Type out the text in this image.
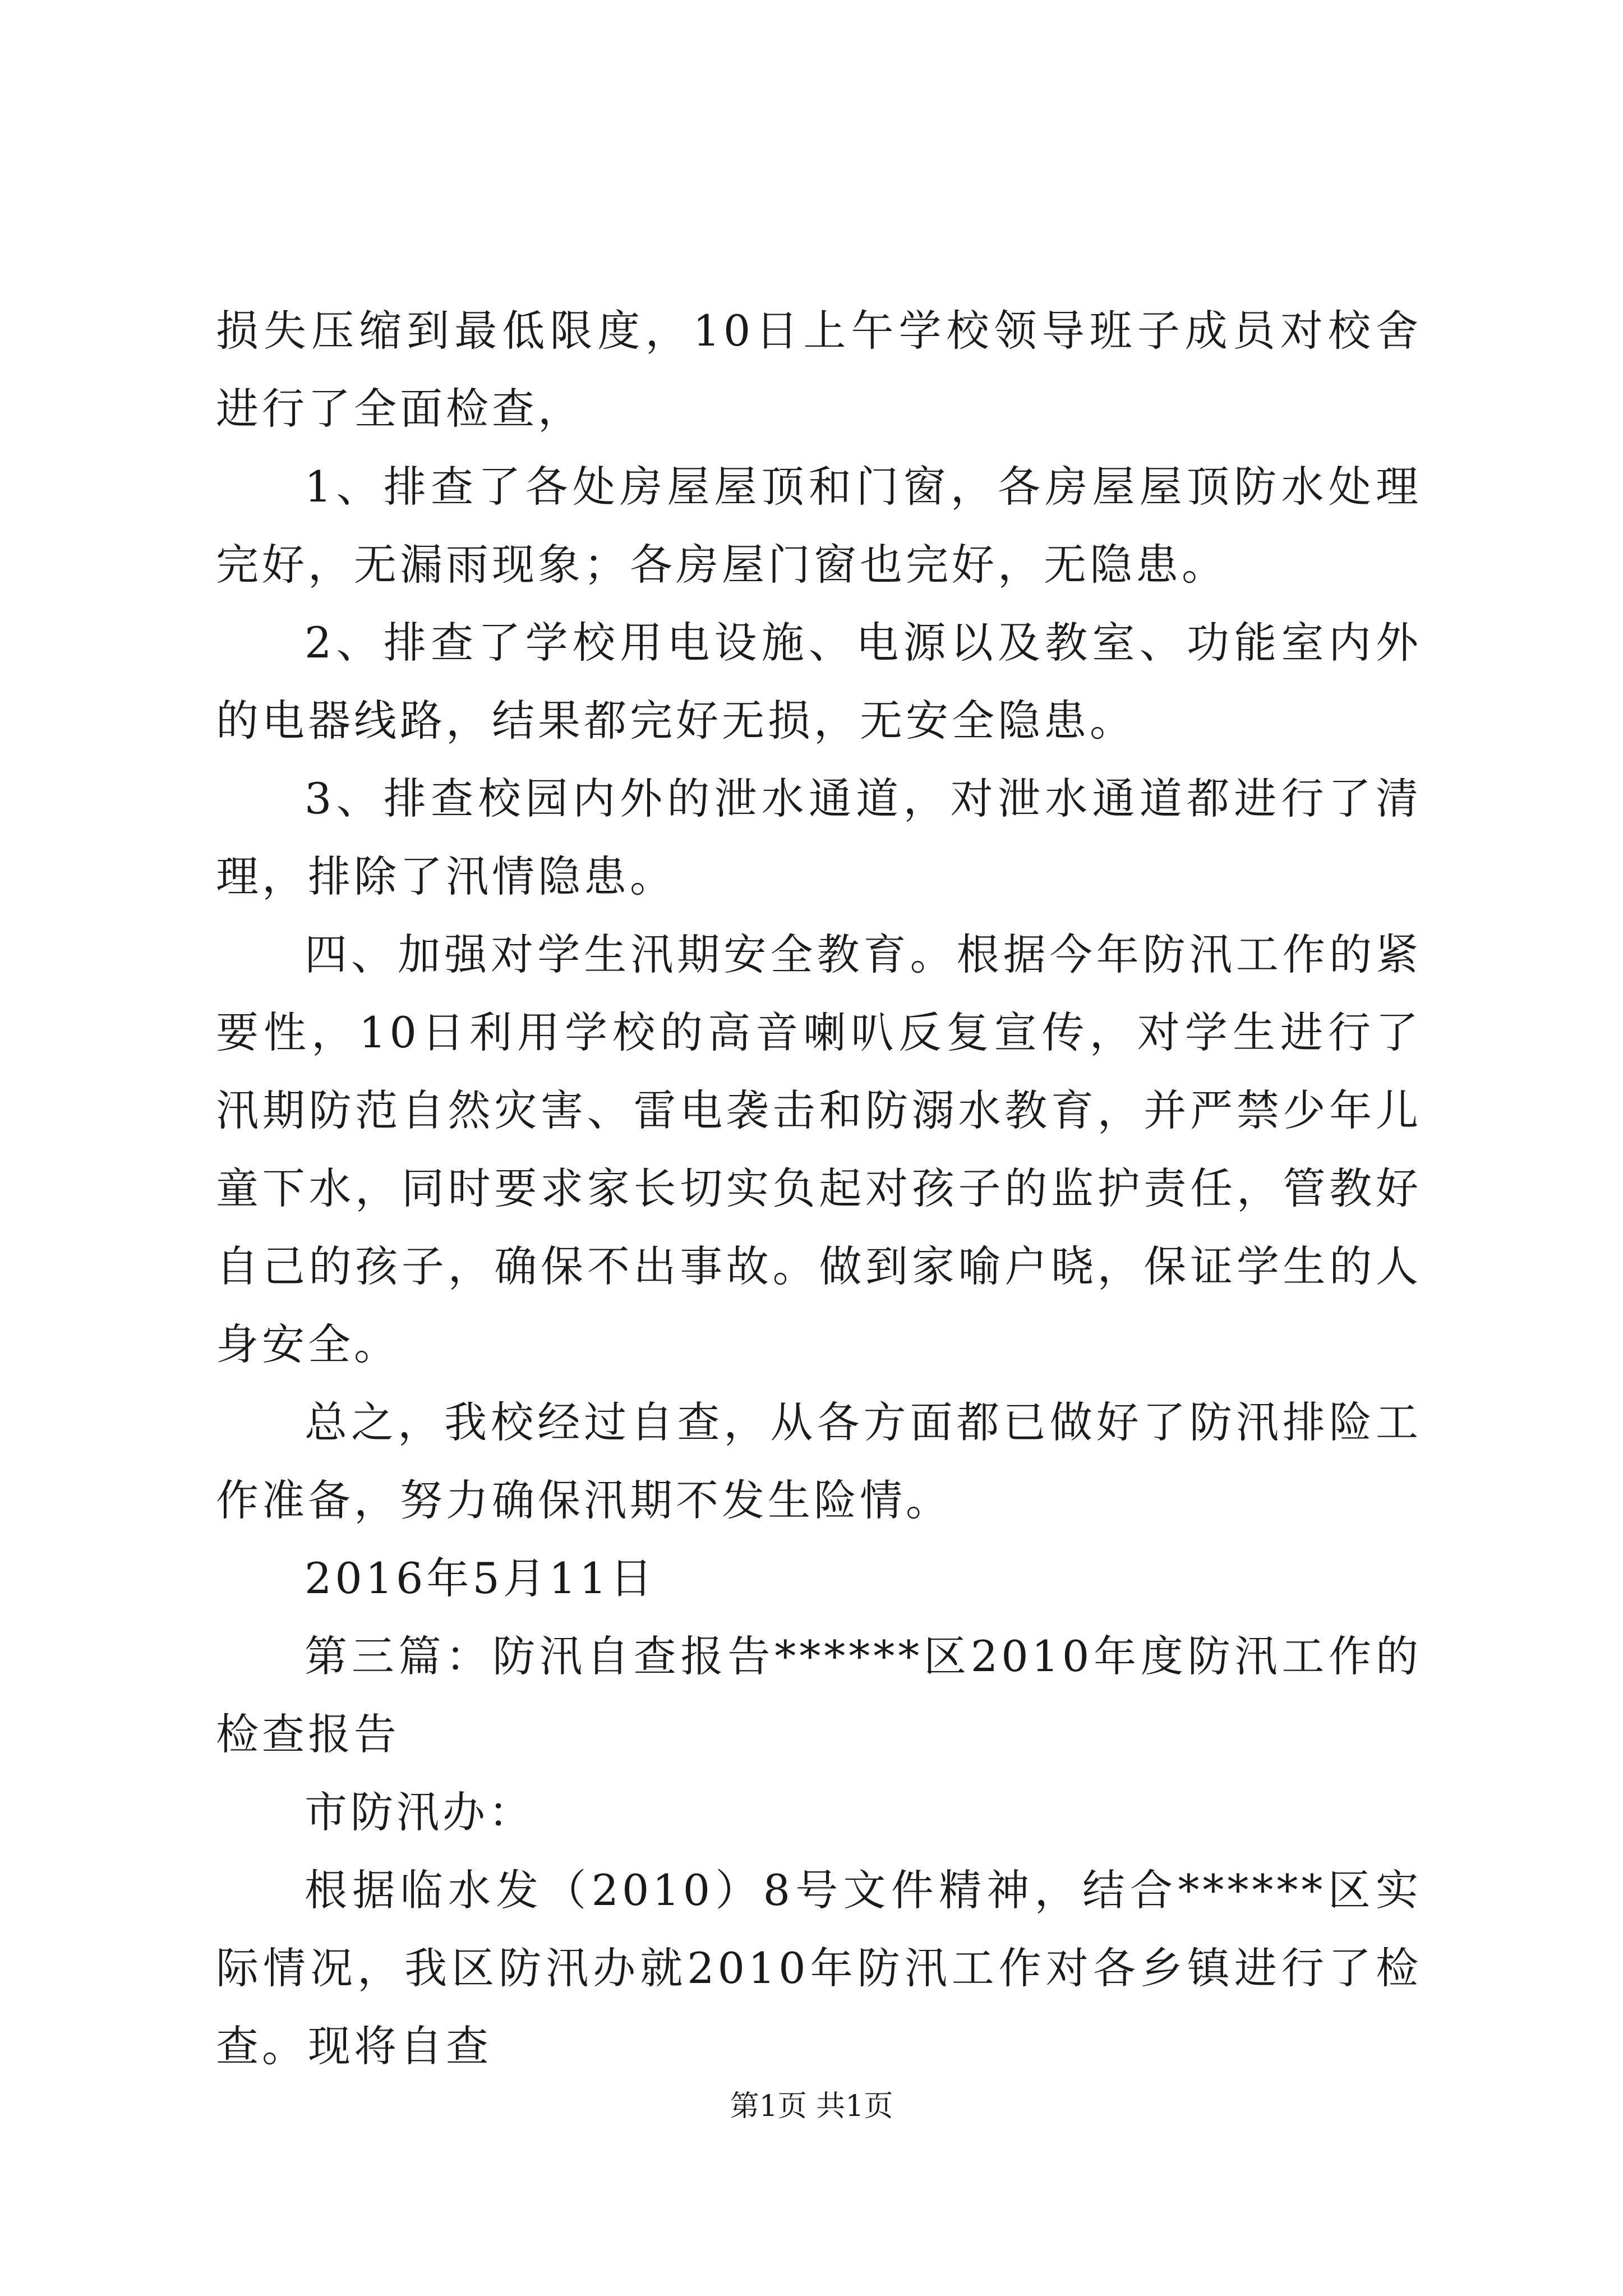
损失压缩到最低限度，10日上午学校领导班子成员对校舍进行了全面检查，

1、排查了各处房屋屋顶和门窗，各房屋屋顶防水处理完好，无漏雨现象；各房屋门窗也完好，无隐患。

2、排查了学校用电设施、电源以及教室、功能室内外的电器线路，结果都完好无损，无安全隐患。

3、排查校园内外的泄水通道，对泄水通道都进行了清理，排除了汛情隐患。

四、加强对学生汛期安全教育。根据今年防汛工作的紧要性，10日利用学校的高音喇叭反复宣传，对学生进行了汛期防范自然灾害、雷电袭击和防溺水教育，并严禁少年儿童下水，同时要求家长切实负起对孩子的监护责任，管教好自己的孩子，确保不出事故。做到家喻户晓，保证学生的人身安全。

总之，我校经过自查，从各方面都已做好了防汛排险工作准备，努力确保汛期不发生险情。

2016年5月11日

第三篇：防汛自查报告******区2010年度防汛工作的检查报告

市防汛办：

根据临水发（2010）8号文件精神，结合******区实际情况，我区防汛办就2010年防汛工作对各乡镇进行了检查。现将自查

第1页 共1页
